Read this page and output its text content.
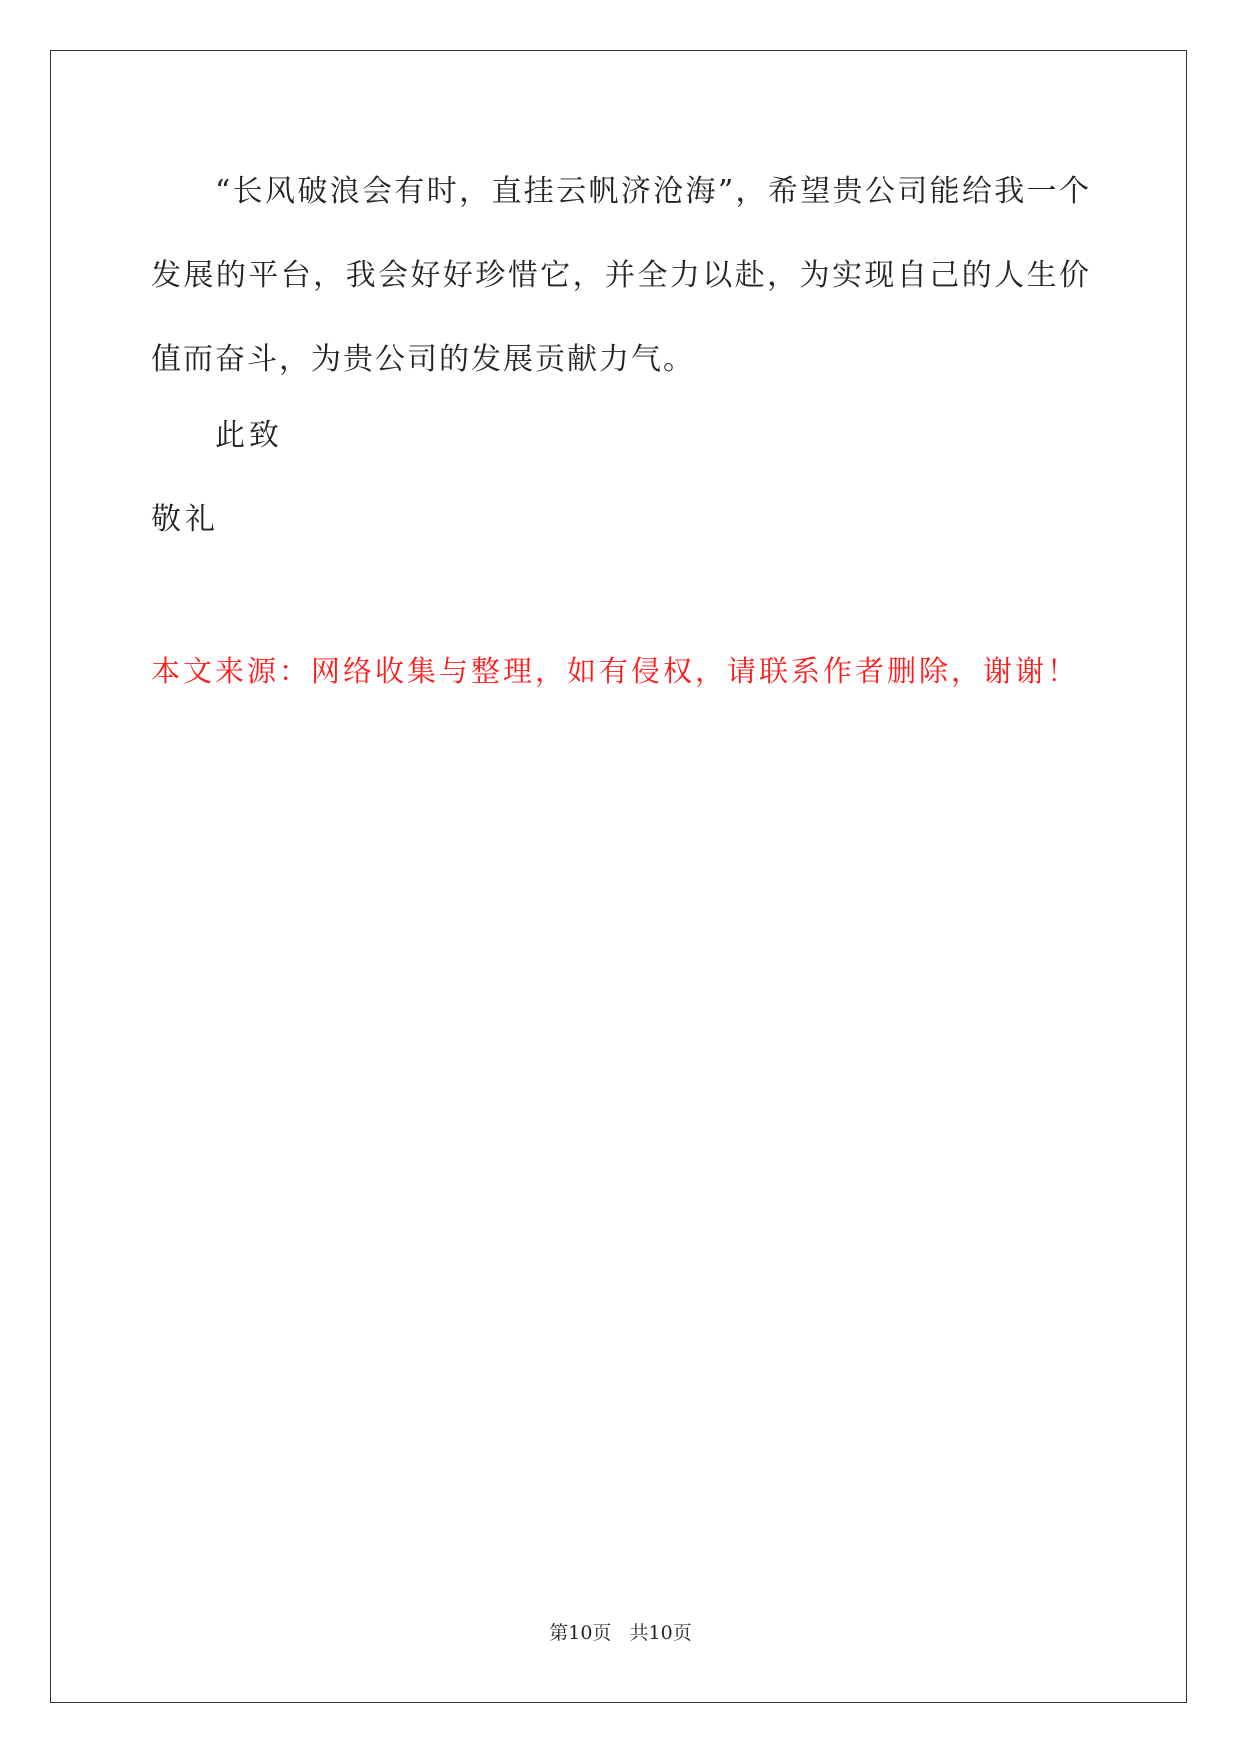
“长风破浪会有时，直挂云帆济沧海”，希望贵公司能给我一个发展的平台，我会好好珍惜它，并全力以赴，为实现自己的人生价值而奋斗，为贵公司的发展贡献力气。

此致
敬礼
本文来源：网络收集与整理，如有侵权，请联系作者删除，谢谢！
第10页   共10页
